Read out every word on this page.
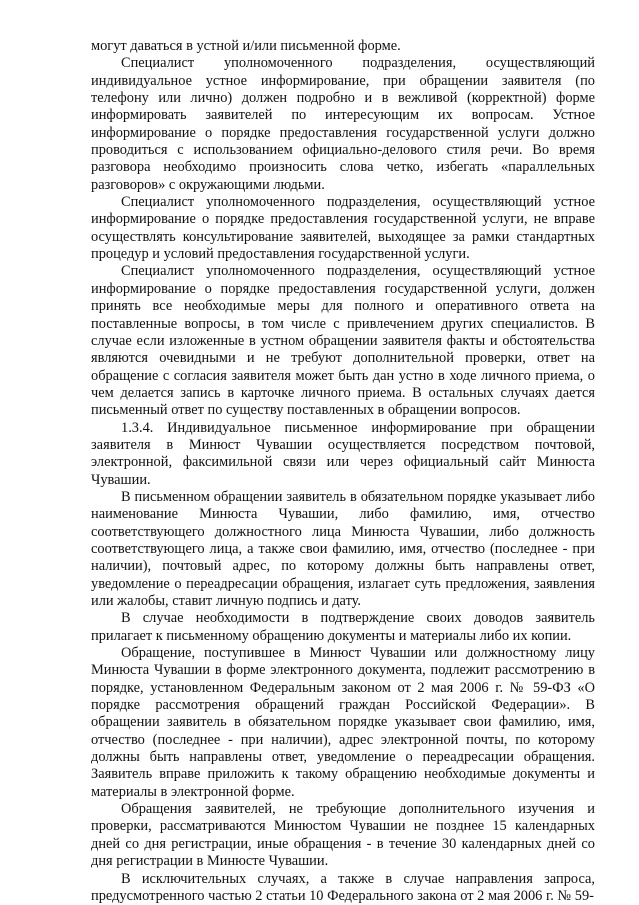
могут даваться в устной и/или письменной форме.

Специалист уполномоченного подразделения, осуществляющий индивидуальное устное информирование, при обращении заявителя (по телефону или лично) должен подробно и в вежливой (корректной) форме информировать заявителей по интересующим их вопросам. Устное информирование о порядке предоставления государственной услуги должно проводиться с использованием официально-делового стиля речи. Во время разговора необходимо произносить слова четко, избегать «параллельных разговоров» с окружающими людьми.

Специалист уполномоченного подразделения, осуществляющий устное информирование о порядке предоставления государственной услуги, не вправе осуществлять консультирование заявителей, выходящее за рамки стандартных процедур и условий предоставления государственной услуги.

Специалист уполномоченного подразделения, осуществляющий устное информирование о порядке предоставления государственной услуги, должен принять все необходимые меры для полного и оперативного ответа на поставленные вопросы, в том числе с привлечением других специалистов. В случае если изложенные в устном обращении заявителя факты и обстоятельства являются очевидными и не требуют дополнительной проверки, ответ на обращение с согласия заявителя может быть дан устно в ходе личного приема, о чем делается запись в карточке личного приема. В остальных случаях дается письменный ответ по существу поставленных в обращении вопросов.

1.3.4. Индивидуальное письменное информирование при обращении заявителя в Минюст Чувашии осуществляется посредством почтовой, электронной, факсимильной связи или через официальный сайт Минюста Чувашии.

В письменном обращении заявитель в обязательном порядке указывает либо наименование Минюста Чувашии, либо фамилию, имя, отчество соответствующего должностного лица Минюста Чувашии, либо должность соответствующего лица, а также свои фамилию, имя, отчество (последнее - при наличии), почтовый адрес, по которому должны быть направлены ответ, уведомление о переадресации обращения, излагает суть предложения, заявления или жалобы, ставит личную подпись и дату.

В случае необходимости в подтверждение своих доводов заявитель прилагает к письменному обращению документы и материалы либо их копии.

Обращение, поступившее в Минюст Чувашии или должностному лицу Минюста Чувашии в форме электронного документа, подлежит рассмотрению в порядке, установленном Федеральным законом от 2 мая 2006 г. № 59-ФЗ «О порядке рассмотрения обращений граждан Российской Федерации». В обращении заявитель в обязательном порядке указывает свои фамилию, имя, отчество (последнее - при наличии), адрес электронной почты, по которому должны быть направлены ответ, уведомление о переадресации обращения. Заявитель вправе приложить к такому обращению необходимые документы и материалы в электронной форме.

Обращения заявителей, не требующие дополнительного изучения и проверки, рассматриваются Минюстом Чувашии не позднее 15 календарных дней со дня регистрации, иные обращения - в течение 30 календарных дней со дня регистрации в Минюсте Чувашии.

В исключительных случаях, а также в случае направления запроса, предусмотренного частью 2 статьи 10 Федерального закона от 2 мая 2006 г. № 59-
